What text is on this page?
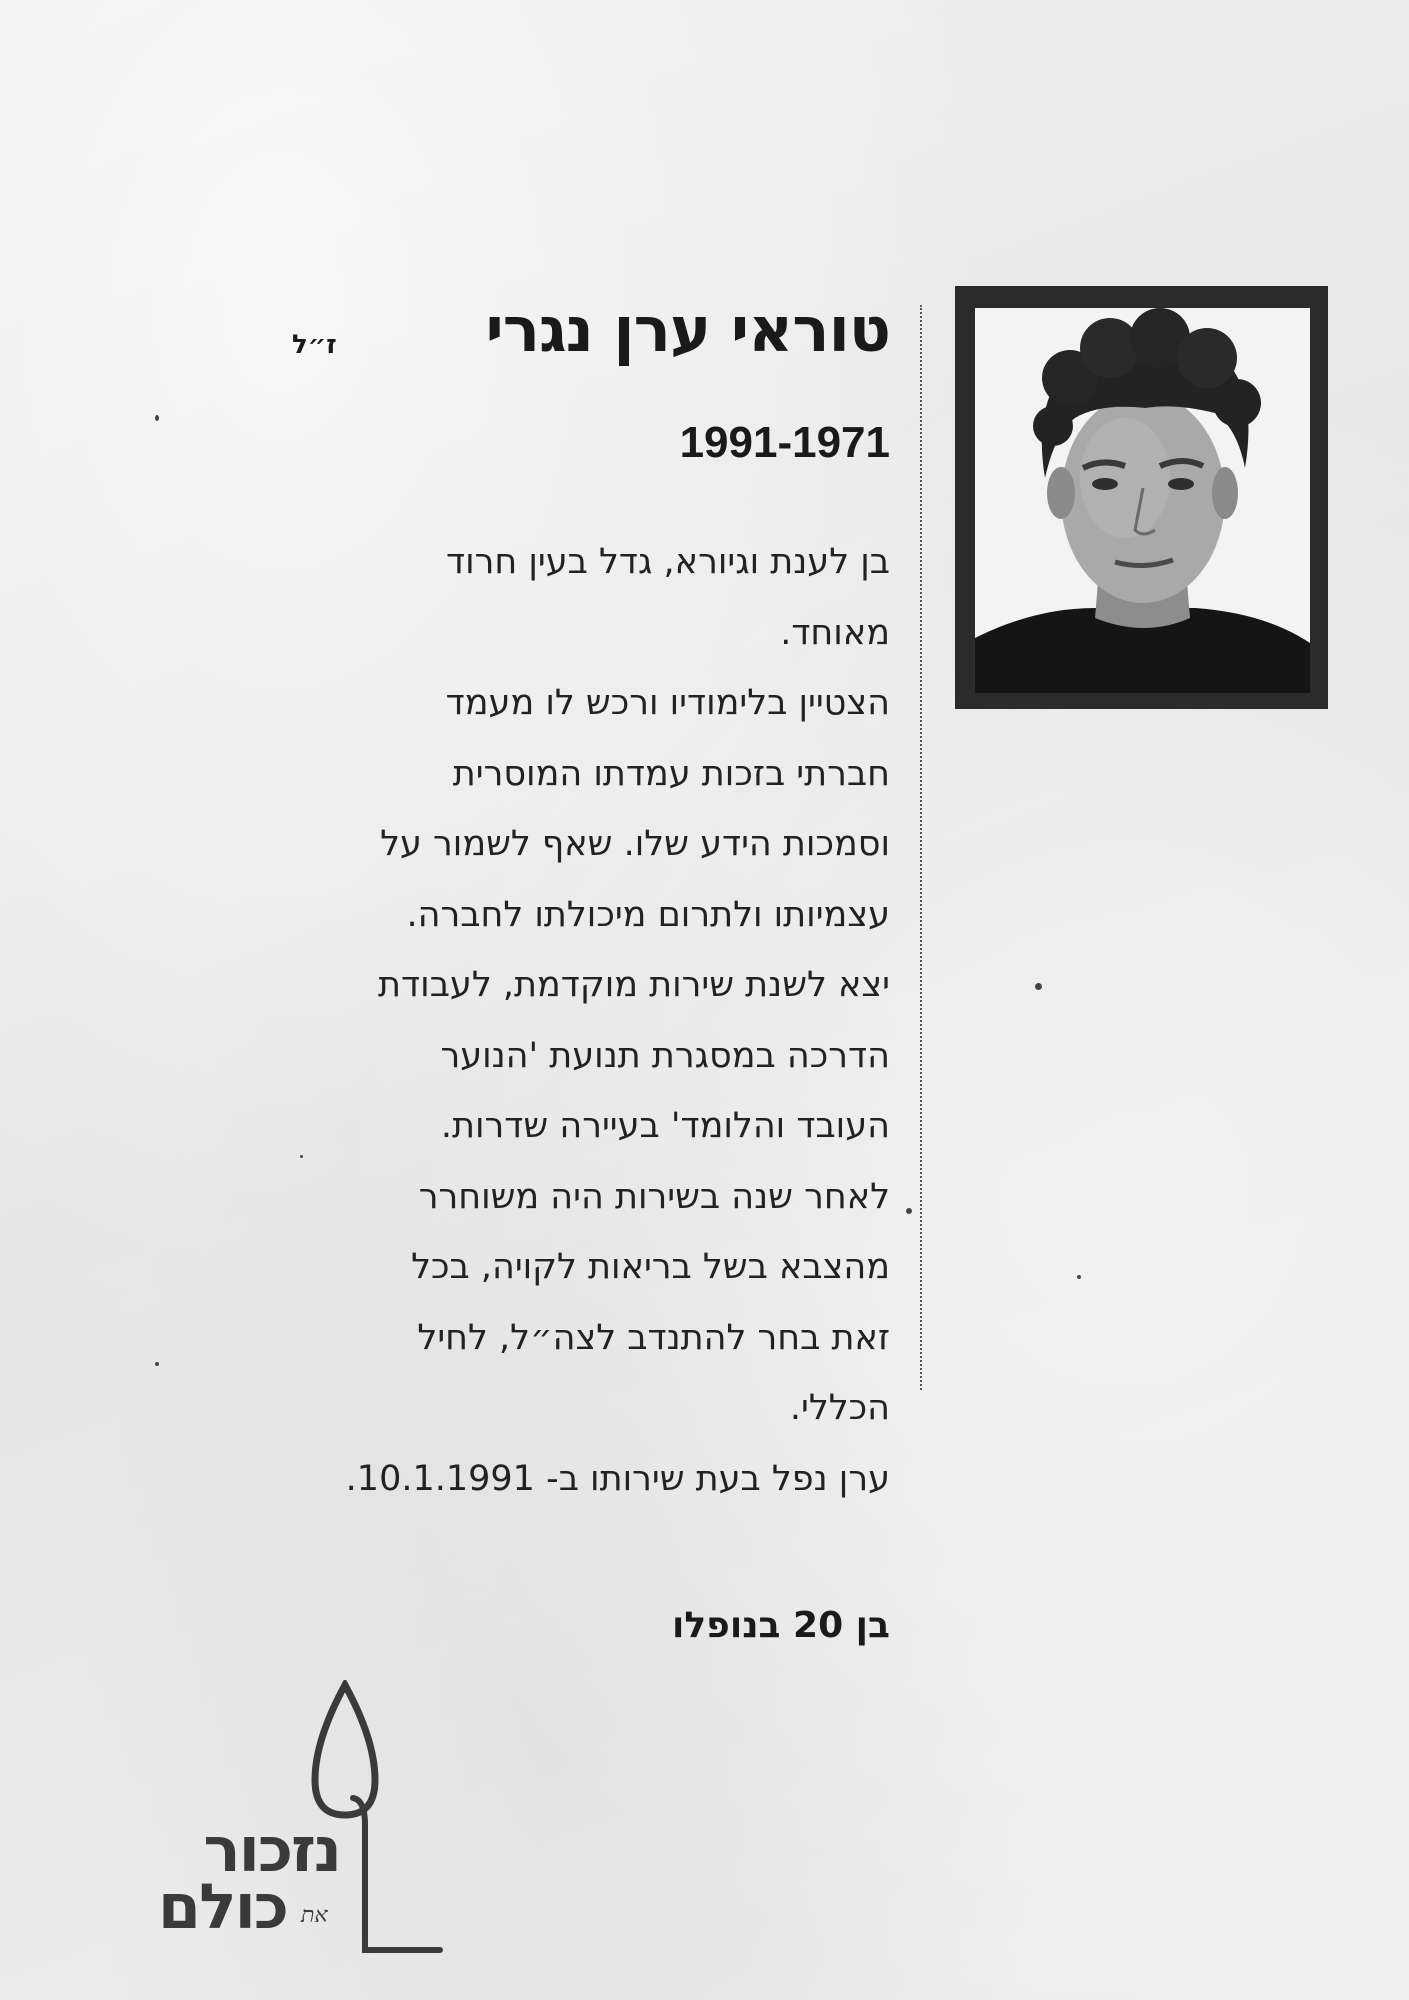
טוראי ערן נגרי
ז״ל
1991-1971
בן לענת וגיורא, גדל בעין חרוד
מאוחד.
הצטיין בלימודיו ורכש לו מעמד
חברתי בזכות עמדתו המוסרית
וסמכות הידע שלו. שאף לשמור על
עצמיותו ולתרום מיכולתו לחברה.
יצא לשנת שירות מוקדמת, לעבודת
הדרכה במסגרת תנועת 'הנוער
העובד והלומד' בעיירה שדרות.
לאחר שנה בשירות היה משוחרר
מהצבא בשל בריאות לקויה, בכל
זאת בחר להתנדב לצה״ל, לחיל
הכללי.
ערן נפל בעת שירותו ב- 10.1.1991.
בן 20 בנופלו
נזכור
כולם את
